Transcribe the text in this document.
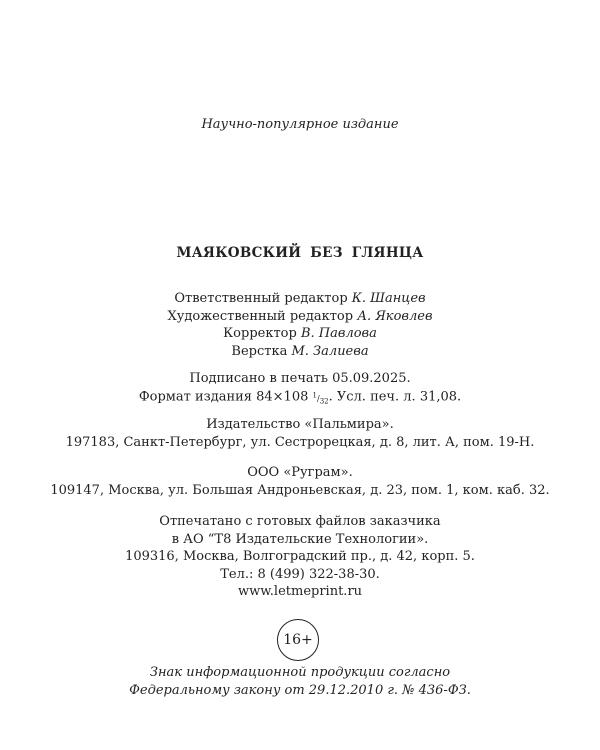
Научно-популярное издание
МАЯКОВСКИЙ БЕЗ ГЛЯНЦА
Ответственный редактор К. Шанцев
Художественный редактор А. Яковлев
Корректор В. Павлова
Верстка М. Залиева
Подписано в печать 05.09.2025.
Формат издания 84×108 $^1/_{32}$. Усл. печ. л. 31,08.
Издательство «Пальмира».
197183, Санкт-Петербург, ул. Сестрорецкая, д. 8, лит. А, пом. 19-Н.
ООО «Руграм».
109147, Москва, ул. Большая Андроньевская, д. 23, пом. 1, ком. каб. 32.
Отпечатано с готовых файлов заказчика
в АО “Т8 Издательские Технологии».
109316, Москва, Волгоградский пр., д. 42, корп. 5.
Тел.: 8 (499) 322-38-30.
www.letmeprint.ru
16+
Знак информационной продукции согласно
Федеральному закону от 29.12.2010 г. № 436-ФЗ.
